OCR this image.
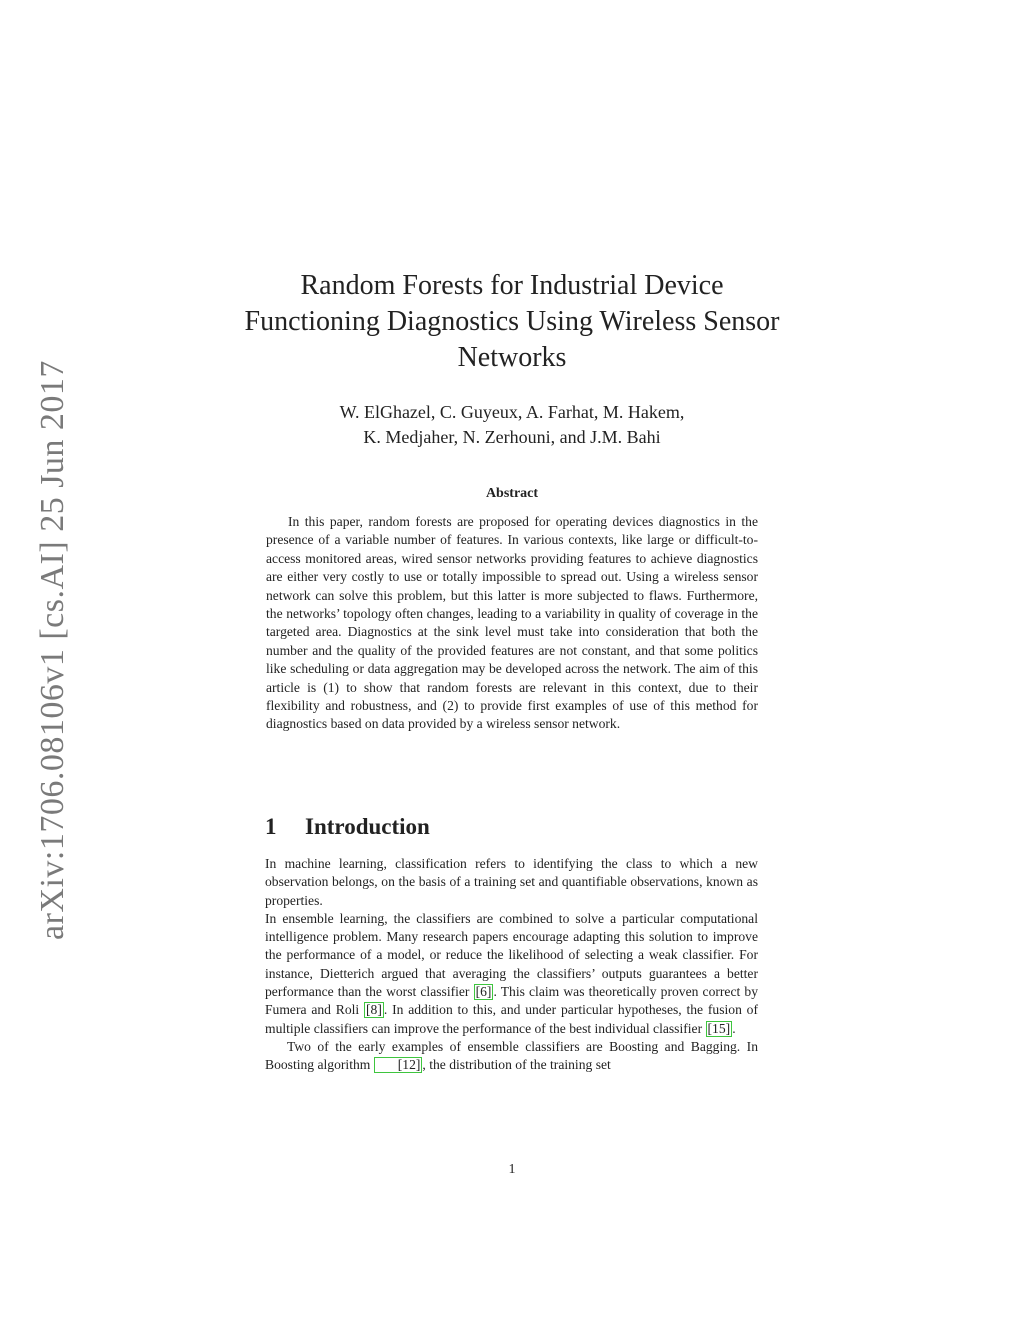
arXiv:1706.08106v1 [cs.AI] 25 Jun 2017
Random Forests for Industrial Device
Functioning Diagnostics Using Wireless Sensor
Networks
W. ElGhazel, C. Guyeux, A. Farhat, M. Hakem,
K. Medjaher, N. Zerhouni, and J.M. Bahi
Abstract

In this paper, random forests are proposed for operating devices diagnostics in the presence of a variable number of features. In various contexts, like large or difficult-to-access monitored areas, wired sensor networks providing features to achieve diagnostics are either very costly to use or totally impossible to spread out. Using a wireless sensor network can solve this problem, but this latter is more subjected to flaws. Furthermore, the networks’ topology often changes, leading to a variability in quality of coverage in the targeted area. Diagnostics at the sink level must take into consideration that both the number and the quality of the provided features are not constant, and that some politics like scheduling or data aggregation may be developed across the network. The aim of this article is (1) to show that random forests are relevant in this context, due to their flexibility and robustness, and (2) to provide first examples of use of this method for diagnostics based on data provided by a wireless sensor network.

1 Introduction

In machine learning, classification refers to identifying the class to which a new observation belongs, on the basis of a training set and quantifiable observations, known as properties.

In ensemble learning, the classifiers are combined to solve a particular computational intelligence problem. Many research papers encourage adapting this solution to improve the performance of a model, or reduce the likelihood of selecting a weak classifier. For instance, Dietterich argued that averaging the classifiers’ outputs guarantees a better performance than the worst classifier [6] . This claim was theoretically proven correct by Fumera and Roli [8] . In addition to this, and under particular hypotheses, the fusion of multiple classifiers can improve the performance of the best individual classifier [15] .

Two of the early examples of ensemble classifiers are Boosting and Bagging. In Boosting algorithm [12] , the distribution of the training set

1
